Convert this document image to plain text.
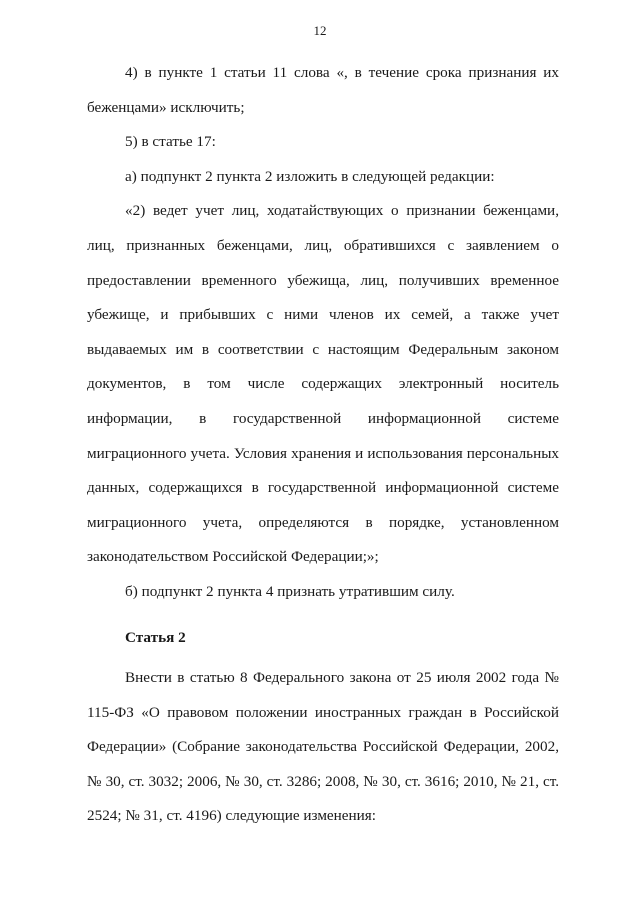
12

4) в пункте 1 статьи 11 слова «, в течение срока признания их беженцами» исключить;

5) в статье 17:

а) подпункт 2 пункта 2 изложить в следующей редакции:

«2) ведет учет лиц, ходатайствующих о признании беженцами, лиц, признанных беженцами, лиц, обратившихся с заявлением о предоставлении временного убежища, лиц, получивших временное убежище, и прибывших с ними членов их семей, а также учет выдаваемых им в соответствии с настоящим Федеральным законом документов, в том числе содержащих электронный носитель информации, в государственной информационной системе миграционного учета. Условия хранения и использования персональных данных, содержащихся в государственной информационной системе миграционного учета, определяются в порядке, установленном законодательством Российской Федерации;»;

б) подпункт 2 пункта 4 признать утратившим силу.

Статья 2

Внести в статью 8 Федерального закона от 25 июля 2002 года № 115-ФЗ «О правовом положении иностранных граждан в Российской Федерации» (Собрание законодательства Российской Федерации, 2002, № 30, ст. 3032; 2006, № 30, ст. 3286; 2008, № 30, ст. 3616; 2010, № 21, ст. 2524; № 31, ст. 4196) следующие изменения:
